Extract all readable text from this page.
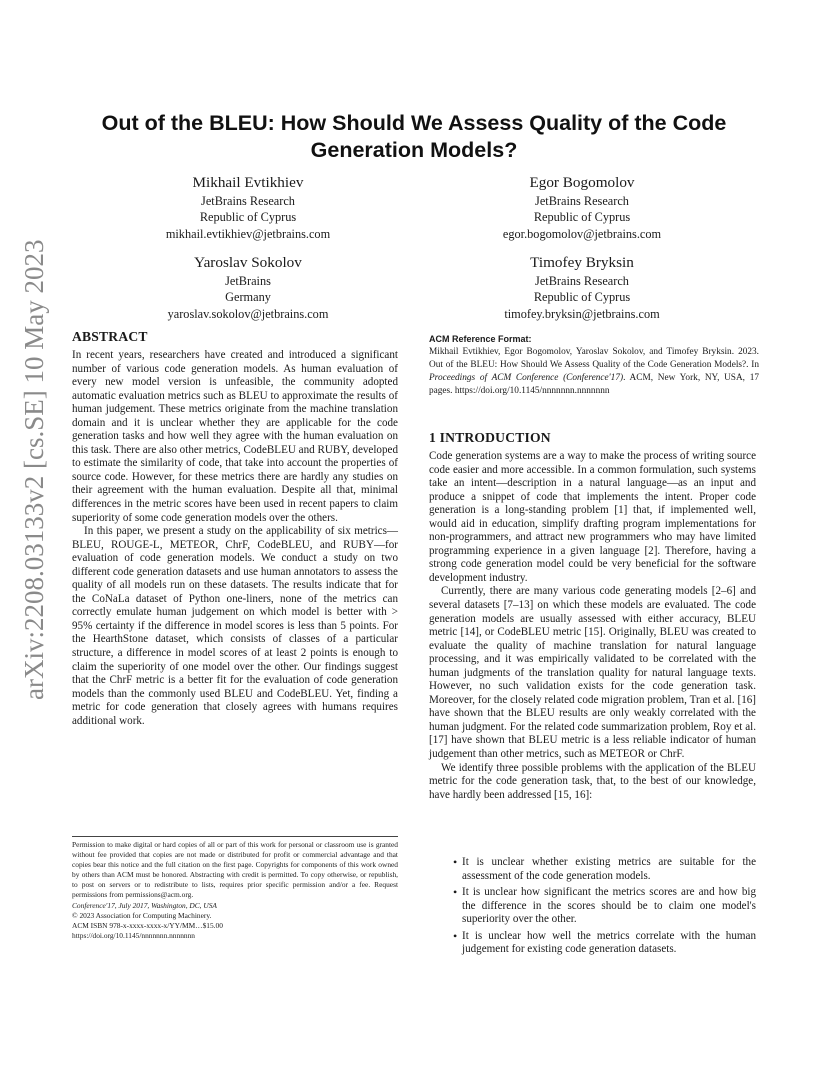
arXiv:2208.03133v2 [cs.SE] 10 May 2023
Out of the BLEU: How Should We Assess Quality of the Code Generation Models?
Mikhail Evtikhiev
JetBrains Research
Republic of Cyprus
mikhail.evtikhiev@jetbrains.com
Egor Bogomolov
JetBrains Research
Republic of Cyprus
egor.bogomolov@jetbrains.com
Yaroslav Sokolov
JetBrains
Germany
yaroslav.sokolov@jetbrains.com
Timofey Bryksin
JetBrains Research
Republic of Cyprus
timofey.bryksin@jetbrains.com
ABSTRACT

In recent years, researchers have created and introduced a significant number of various code generation models. As human evaluation of every new model version is unfeasible, the community adopted automatic evaluation metrics such as BLEU to approximate the results of human judgement. These metrics originate from the machine translation domain and it is unclear whether they are applicable for the code generation tasks and how well they agree with the human evaluation on this task. There are also other metrics, CodeBLEU and RUBY, developed to estimate the similarity of code, that take into account the properties of source code. However, for these metrics there are hardly any studies on their agreement with the human evaluation. Despite all that, minimal differences in the metric scores have been used in recent papers to claim superiority of some code generation models over the others.

In this paper, we present a study on the applicability of six metrics—BLEU, ROUGE-L, METEOR, ChrF, CodeBLEU, and RUBY—for evaluation of code generation models. We conduct a study on two different code generation datasets and use human annotators to assess the quality of all models run on these datasets. The results indicate that for the CoNaLa dataset of Python one-liners, none of the metrics can correctly emulate human judgement on which model is better with > 95% certainty if the difference in model scores is less than 5 points. For the HearthStone dataset, which consists of classes of a particular structure, a difference in model scores of at least 2 points is enough to claim the superiority of one model over the other. Our findings suggest that the ChrF metric is a better fit for the evaluation of code generation models than the commonly used BLEU and CodeBLEU. Yet, finding a metric for code generation that closely agrees with humans requires additional work.

Permission to make digital or hard copies of all or part of this work for personal or classroom use is granted without fee provided that copies are not made or distributed for profit or commercial advantage and that copies bear this notice and the full citation on the first page. Copyrights for components of this work owned by others than ACM must be honored. Abstracting with credit is permitted. To copy otherwise, or republish, to post on servers or to redistribute to lists, requires prior specific permission and/or a fee. Request permissions from permissions@acm.org.

Conference'17, July 2017, Washington, DC, USA

© 2023 Association for Computing Machinery.

ACM ISBN 978-x-xxxx-xxxx-x/YY/MM…$15.00

https://doi.org/10.1145/nnnnnnn.nnnnnnn

ACM Reference Format:
Mikhail Evtikhiev, Egor Bogomolov, Yaroslav Sokolov, and Timofey Bryksin. 2023. Out of the BLEU: How Should We Assess Quality of the Code Generation Models?. In Proceedings of ACM Conference (Conference'17). ACM, New York, NY, USA, 17 pages. https://doi.org/10.1145/nnnnnnn.nnnnnnn
1 INTRODUCTION

Code generation systems are a way to make the process of writing source code easier and more accessible. In a common formulation, such systems take an intent—description in a natural language—as an input and produce a snippet of code that implements the intent. Proper code generation is a long-standing problem [1] that, if implemented well, would aid in education, simplify drafting program implementations for non-programmers, and attract new programmers who may have limited programming experience in a given language [2]. Therefore, having a strong code generation model could be very beneficial for the software development industry.

Currently, there are many various code generating models [2–6] and several datasets [7–13] on which these models are evaluated. The code generation models are usually assessed with either accuracy, BLEU metric [14], or CodeBLEU metric [15]. Originally, BLEU was created to evaluate the quality of machine translation for natural language processing, and it was empirically validated to be correlated with the human judgments of the translation quality for natural language texts. However, no such validation exists for the code generation task. Moreover, for the closely related code migration problem, Tran et al. [16] have shown that the BLEU results are only weakly correlated with the human judgment. For the related code summarization problem, Roy et al. [17] have shown that BLEU metric is a less reliable indicator of human judgement than other metrics, such as METEOR or ChrF.

We identify three possible problems with the application of the BLEU metric for the code generation task, that, to the best of our knowledge, have hardly been addressed [15, 16]:

• It is unclear whether existing metrics are suitable for the assessment of the code generation models.
• It is unclear how significant the metrics scores are and how big the difference in the scores should be to claim one model's superiority over the other.
• It is unclear how well the metrics correlate with the human judgement for existing code generation datasets.
